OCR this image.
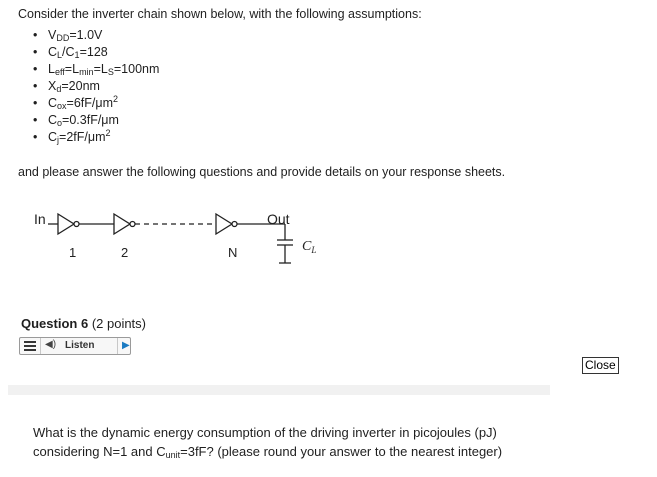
Consider the inverter chain shown below, with the following assumptions:
• $V_{DD}=1.0V$
• $C_L/C_1=128$
• $L_{eff}=L_{min}=L_S=100nm$
• $X_d=20nm$
• $C_{ox}=6fF/\mu m^2$
• $C_o=0.3fF/\mu m$
• $C_j=2fF/\mu m^2$
and please answer the following questions and provide details on your response sheets.
In	Out
1	2	N	$C_L$
Question 6 (2 points)
◀) Listen	▶
Close
What is the dynamic energy consumption of the driving inverter in picojoules (pJ) considering N=1 and $C_{unit}=3fF$? (please round your answer to the nearest integer)
